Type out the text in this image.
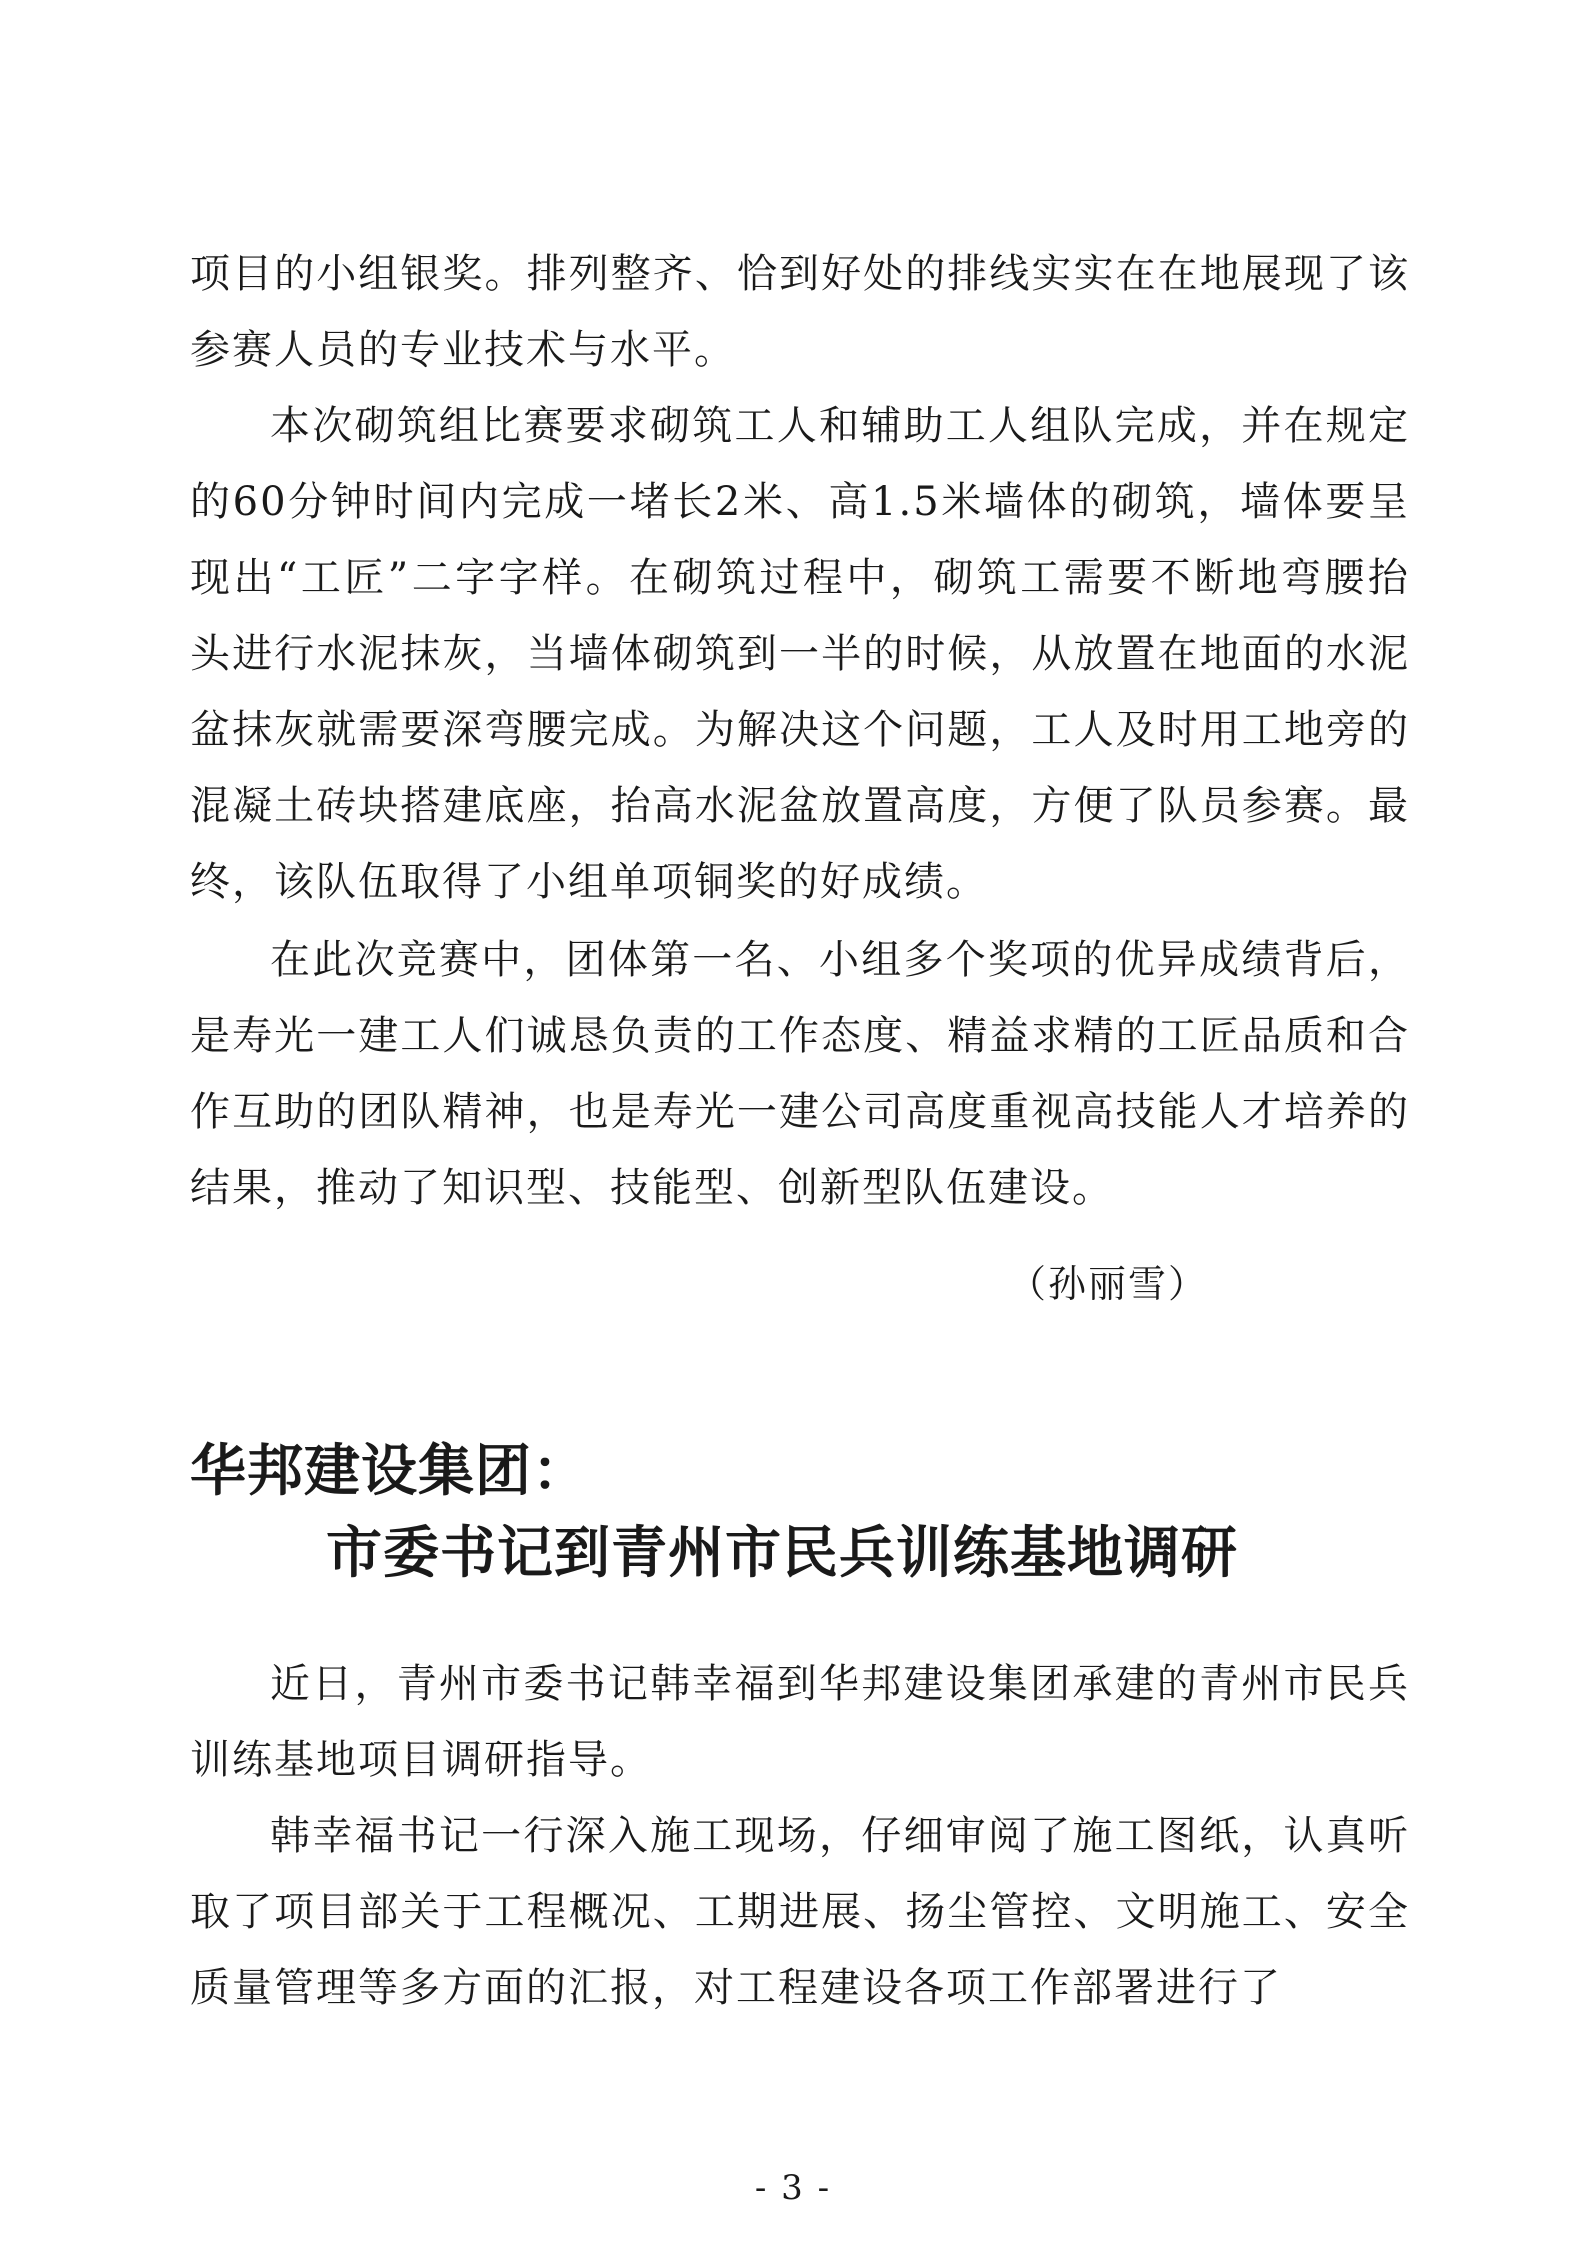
项目的小组银奖。排列整齐、恰到好处的排线实实在在地展现了该参赛人员的专业技术与水平。

本次砌筑组比赛要求砌筑工人和辅助工人组队完成，并在规定的60分钟时间内完成一堵长2米、高1.5米墙体的砌筑，墙体要呈现出“工匠”二字字样。在砌筑过程中，砌筑工需要不断地弯腰抬头进行水泥抹灰，当墙体砌筑到一半的时候，从放置在地面的水泥盆抹灰就需要深弯腰完成。为解决这个问题，工人及时用工地旁的混凝土砖块搭建底座，抬高水泥盆放置高度，方便了队员参赛。最终，该队伍取得了小组单项铜奖的好成绩。

在此次竞赛中，团体第一名、小组多个奖项的优异成绩背后，是寿光一建工人们诚恳负责的工作态度、精益求精的工匠品质和合作互助的团队精神，也是寿光一建公司高度重视高技能人才培养的结果，推动了知识型、技能型、创新型队伍建设。

（孙丽雪）
华邦建设集团：
市委书记到青州市民兵训练基地调研

近日，青州市委书记韩幸福到华邦建设集团承建的青州市民兵训练基地项目调研指导。

韩幸福书记一行深入施工现场，仔细审阅了施工图纸，认真听取了项目部关于工程概况、工期进展、扬尘管控、文明施工、安全质量管理等多方面的汇报，对工程建设各项工作部署进行了

- 3 -
